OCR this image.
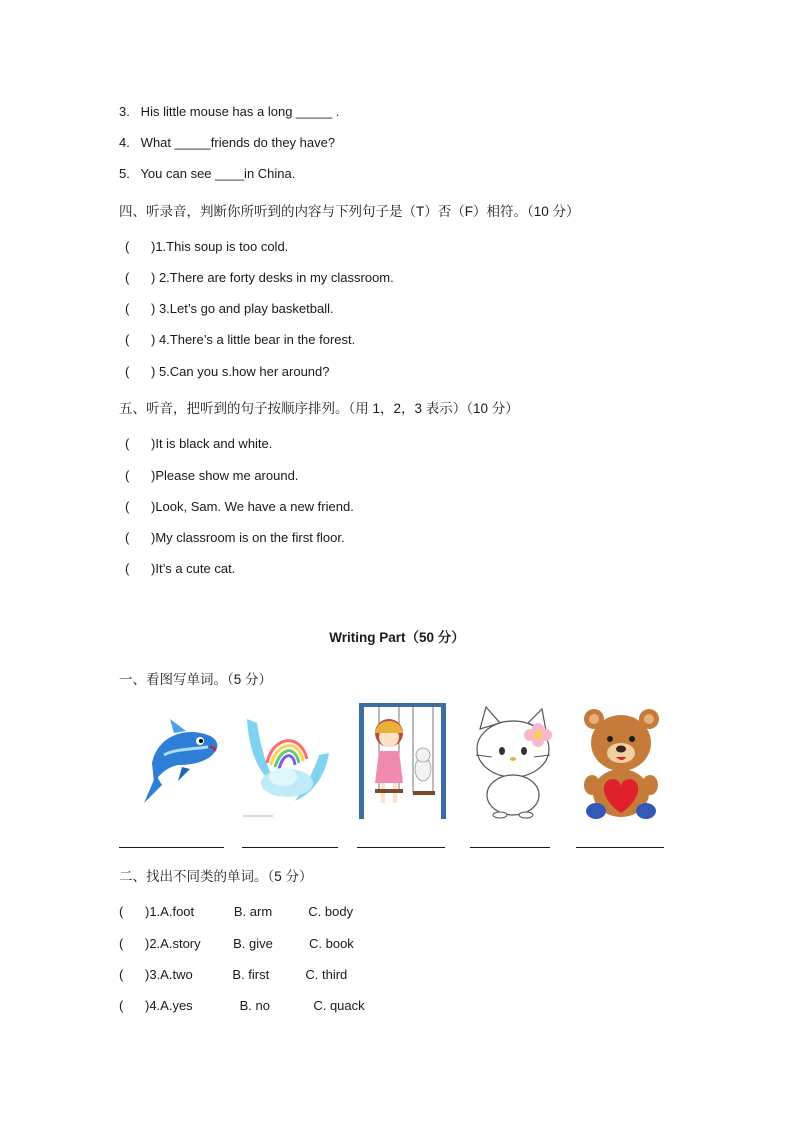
3.   His little mouse has a long _____ .
4.   What _____friends do they have?
5.   You can see ____in China.
四、听录音，判断你所听到的内容与下列句子是（T）否（F）相符。（10 分）
(      )1.This soup is too cold.
(      ) 2.There are forty desks in my classroom.
(      ) 3.Let’s go and play basketball.
(      ) 4.There’s a little bear in the forest.
(      ) 5.Can you s.how her around?
五、听音，把听到的句子按顺序排列。（用 1，2，3 表示）（10 分）
(      )It is black and white.
(      )Please show me around.
(      )Look, Sam. We have a new friend.
(      )My classroom is on the first floor.
(      )It’s a cute cat.
Writing Part（50 分）
一、看图写单词。（5 分）
二、找出不同类的单词。（5 分）
(      )1.A.foot           B. arm          C. body
(      )2.A.story         B. give          C. book
(      )3.A.two           B. first          C. third
(      )4.A.yes             B. no            C. quack
